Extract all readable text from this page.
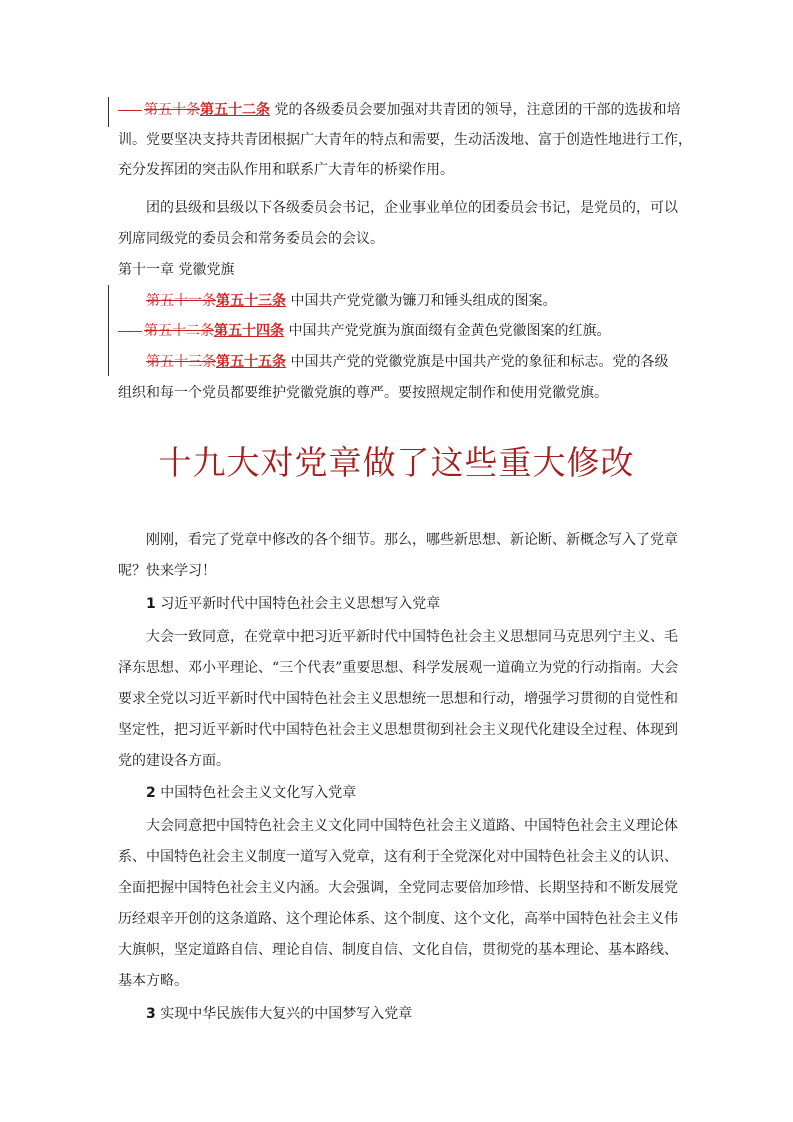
第五十条第五十二条 党的各级委员会要加强对共青团的领导，注意团的干部的选拔和培
训。党要坚决支持共青团根据广大青年的特点和需要，生动活泼地、富于创造性地进行工作，
充分发挥团的突击队作用和联系广大青年的桥梁作用。
团的县级和县级以下各级委员会书记，企业事业单位的团委员会书记，是党员的，可以
列席同级党的委员会和常务委员会的会议。
第十一章 党徽党旗
第五十一条第五十三条 中国共产党党徽为镰刀和锤头组成的图案。
第五十二条第五十四条 中国共产党党旗为旗面缀有金黄色党徽图案的红旗。
第五十三条第五十五条 中国共产党的党徽党旗是中国共产党的象征和标志。党的各级
组织和每一个党员都要维护党徽党旗的尊严。要按照规定制作和使用党徽党旗。
十九大对党章做了这些重大修改
刚刚，看完了党章中修改的各个细节。那么，哪些新思想、新论断、新概念写入了党章
呢？快来学习！
1 习近平新时代中国特色社会主义思想写入党章
大会一致同意，在党章中把习近平新时代中国特色社会主义思想同马克思列宁主义、毛
泽东思想、邓小平理论、“三个代表”重要思想、科学发展观一道确立为党的行动指南。大会
要求全党以习近平新时代中国特色社会主义思想统一思想和行动，增强学习贯彻的自觉性和
坚定性，把习近平新时代中国特色社会主义思想贯彻到社会主义现代化建设全过程、体现到
党的建设各方面。
2 中国特色社会主义文化写入党章
大会同意把中国特色社会主义文化同中国特色社会主义道路、中国特色社会主义理论体
系、中国特色社会主义制度一道写入党章，这有利于全党深化对中国特色社会主义的认识、
全面把握中国特色社会主义内涵。大会强调，全党同志要倍加珍惜、长期坚持和不断发展党
历经艰辛开创的这条道路、这个理论体系、这个制度、这个文化，高举中国特色社会主义伟
大旗帜，坚定道路自信、理论自信、制度自信、文化自信，贯彻党的基本理论、基本路线、
基本方略。
3 实现中华民族伟大复兴的中国梦写入党章
